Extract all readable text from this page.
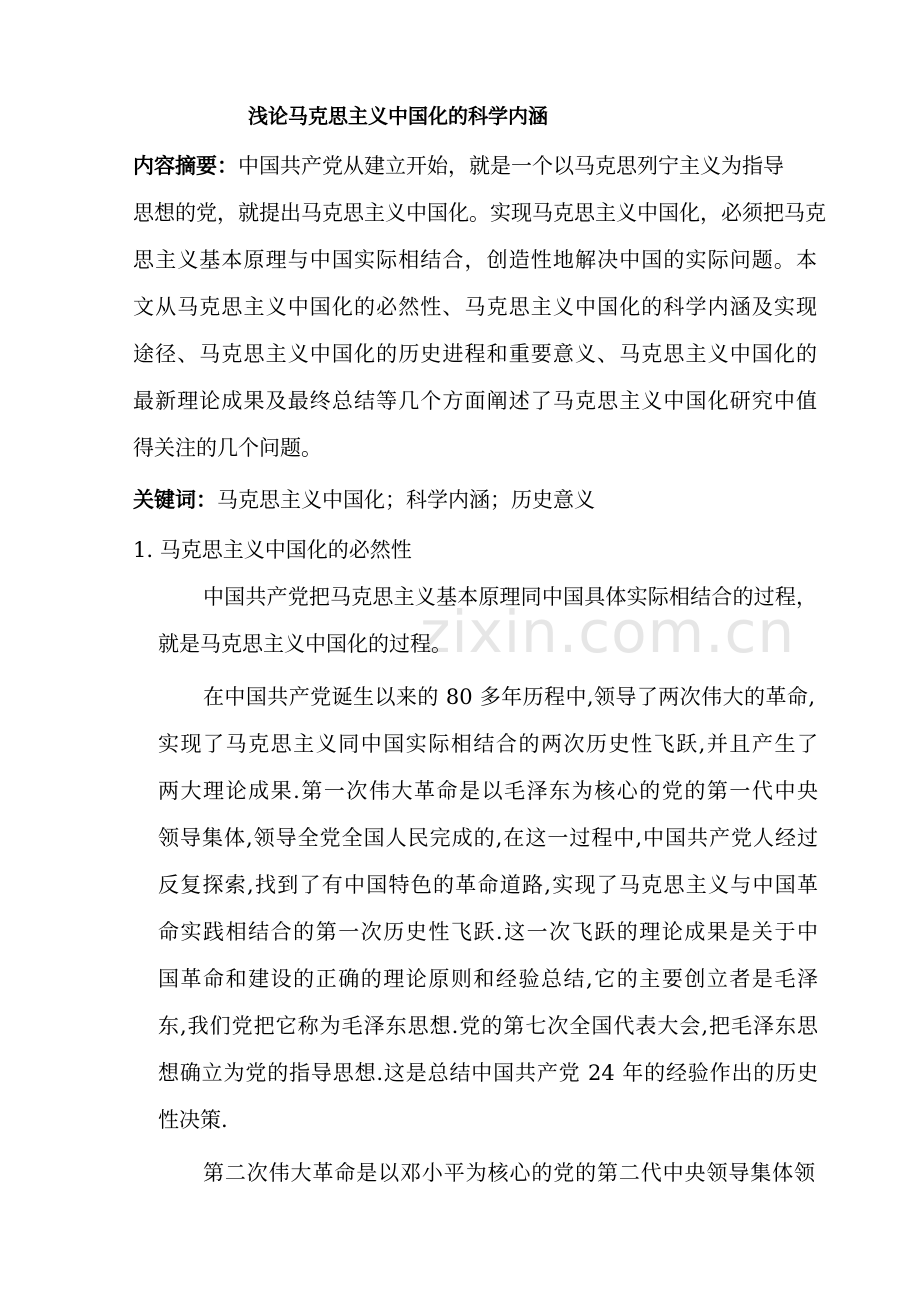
zixin.com.cn
浅论马克思主义中国化的科学内涵
内容摘要：中国共产党从建立开始，就是一个以马克思列宁主义为指导
思想的党，就提出马克思主义中国化。实现马克思主义中国化，必须把马克
思主义基本原理与中国实际相结合，创造性地解决中国的实际问题。本
文从马克思主义中国化的必然性、马克思主义中国化的科学内涵及实现
途径、马克思主义中国化的历史进程和重要意义、马克思主义中国化的
最新理论成果及最终总结等几个方面阐述了马克思主义中国化研究中值
得关注的几个问题。
关键词：马克思主义中国化；科学内涵；历史意义
1. 马克思主义中国化的必然性
中国共产党把马克思主义基本原理同中国具体实际相结合的过程，
就是马克思主义中国化的过程。
在中国共产党诞生以来的 80 多年历程中,领导了两次伟大的革命,
实现了马克思主义同中国实际相结合的两次历史性飞跃,并且产生了
两大理论成果.第一次伟大革命是以毛泽东为核心的党的第一代中央
领导集体,领导全党全国人民完成的,在这一过程中,中国共产党人经过
反复探索,找到了有中国特色的革命道路,实现了马克思主义与中国革
命实践相结合的第一次历史性飞跃.这一次飞跃的理论成果是关于中
国革命和建设的正确的理论原则和经验总结,它的主要创立者是毛泽
东,我们党把它称为毛泽东思想.党的第七次全国代表大会,把毛泽东思
想确立为党的指导思想.这是总结中国共产党 24 年的经验作出的历史
性决策.
第二次伟大革命是以邓小平为核心的党的第二代中央领导集体领
